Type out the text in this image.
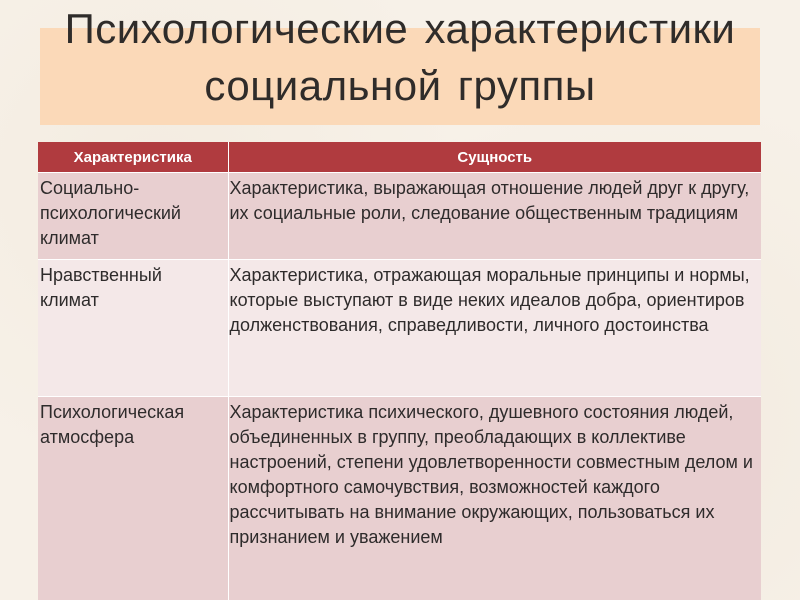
Психологические характеристики социальной группы
Характеристика	Сущность
Социально-психологический климат	Характеристика, выражающая отношение людей друг к другу, их социальные роли, следование общественным традициям
Нравственный климат	Характеристика, отражающая моральные принципы и нормы, которые выступают в виде неких идеалов добра, ориентиров долженствования, справедливости, личного достоинства
Психологическая атмосфера	Характеристика психического, душевного состояния людей, объединенных в группу, преобладающих в коллективе настроений, степени удовлетворенности совместным делом и комфортного самочувствия, возможностей каждого рассчитывать на внимание окружающих, пользоваться их признанием и уважением
